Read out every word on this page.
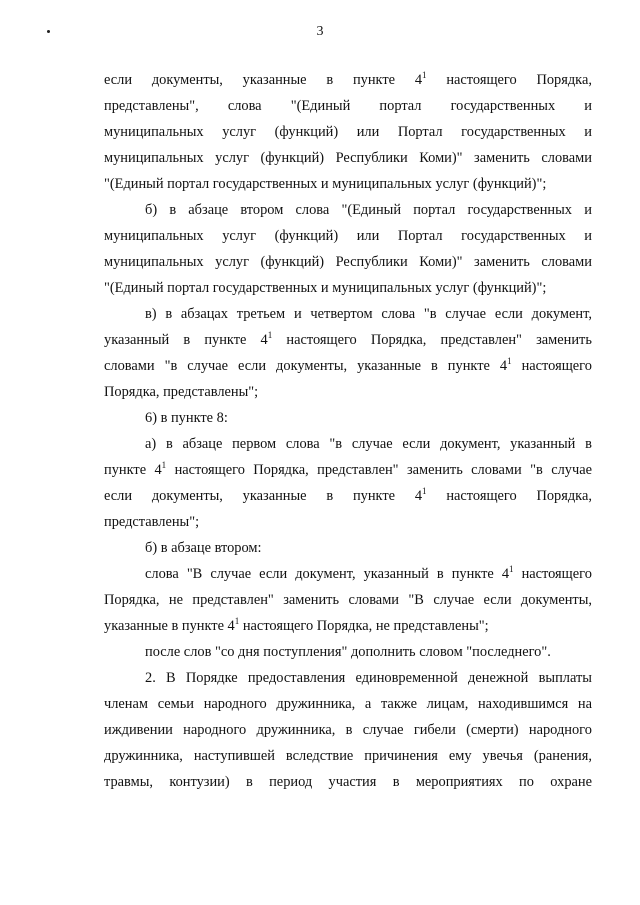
3
если документы, указанные в пункте $4^1$ настоящего Порядка,
представлены", слова "(Единый портал государственных и
муниципальных услуг (функций) или Портал государственных и
муниципальных услуг (функций) Республики Коми)" заменить словами
"(Единый портал государственных и муниципальных услуг (функций)";
б) в абзаце втором слова "(Единый портал государственных и
муниципальных услуг (функций) или Портал государственных и
муниципальных услуг (функций) Республики Коми)" заменить словами
"(Единый портал государственных и муниципальных услуг (функций)";
в) в абзацах третьем и четвертом слова "в случае если документ,
указанный в пункте $4^1$ настоящего Порядка, представлен" заменить
словами "в случае если документы, указанные в пункте $4^1$ настоящего
Порядка, представлены";
6) в пункте 8:
а) в абзаце первом слова "в случае если документ, указанный в
пункте $4^1$ настоящего Порядка, представлен" заменить словами "в случае
если документы, указанные в пункте $4^1$ настоящего Порядка,
представлены";
б) в абзаце втором:
слова "В случае если документ, указанный в пункте $4^1$ настоящего
Порядка, не представлен" заменить словами "В случае если документы,
указанные в пункте $4^1$ настоящего Порядка, не представлены";
после слов "со дня поступления" дополнить словом "последнего".
2. В Порядке предоставления единовременной денежной выплаты
членам семьи народного дружинника, а также лицам, находившимся на
иждивении народного дружинника, в случае гибели (смерти) народного
дружинника, наступившей вследствие причинения ему увечья (ранения,
травмы, контузии) в период участия в мероприятиях по охране
